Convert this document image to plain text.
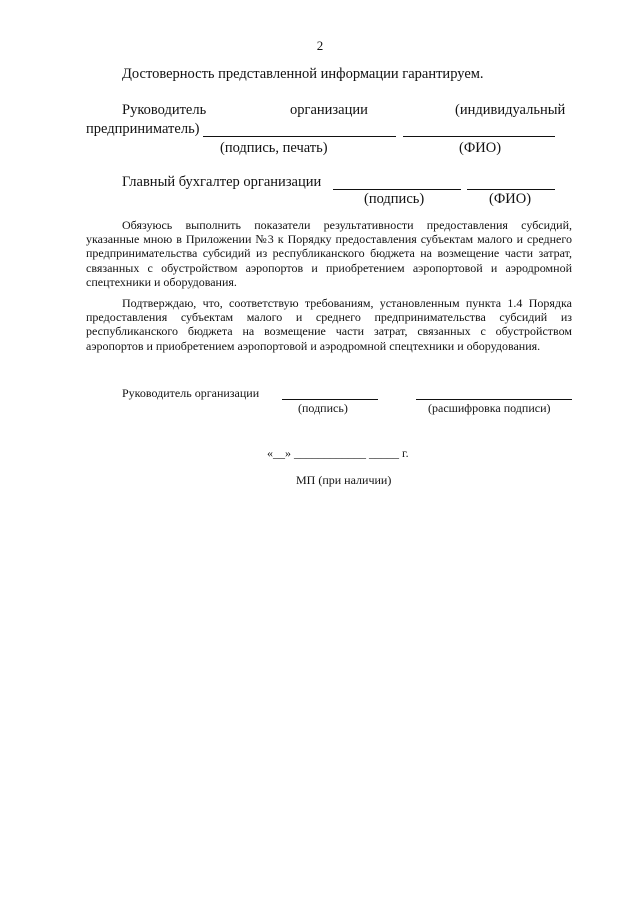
2
Достоверность представленной информации гарантируем.
Руководитель	организации	(индивидуальный
предприниматель)
(подпись, печать)	(ФИО)
Главный бухгалтер организации
(подпись)	(ФИО)

Обязуюсь выполнить показатели результативности предоставления субсидий, указанные мною в Приложении №3 к Порядку предоставления субъектам малого и среднего предпринимательства субсидий из республиканского бюджета на возмещение части затрат, связанных с обустройством аэропортов и приобретением аэропортовой и аэродромной спецтехники и оборудования.

Подтверждаю, что, соответствую требованиям, установленным пункта 1.4 Порядка предоставления субъектам малого и среднего предпринимательства субсидий из республиканского бюджета на возмещение части затрат, связанных с обустройством аэропортов и приобретением аэропортовой и аэродромной спецтехники и оборудования.

Руководитель организации
(подпись)	(расшифровка подписи)
«__» ____________ _____ г.
МП (при наличии)
